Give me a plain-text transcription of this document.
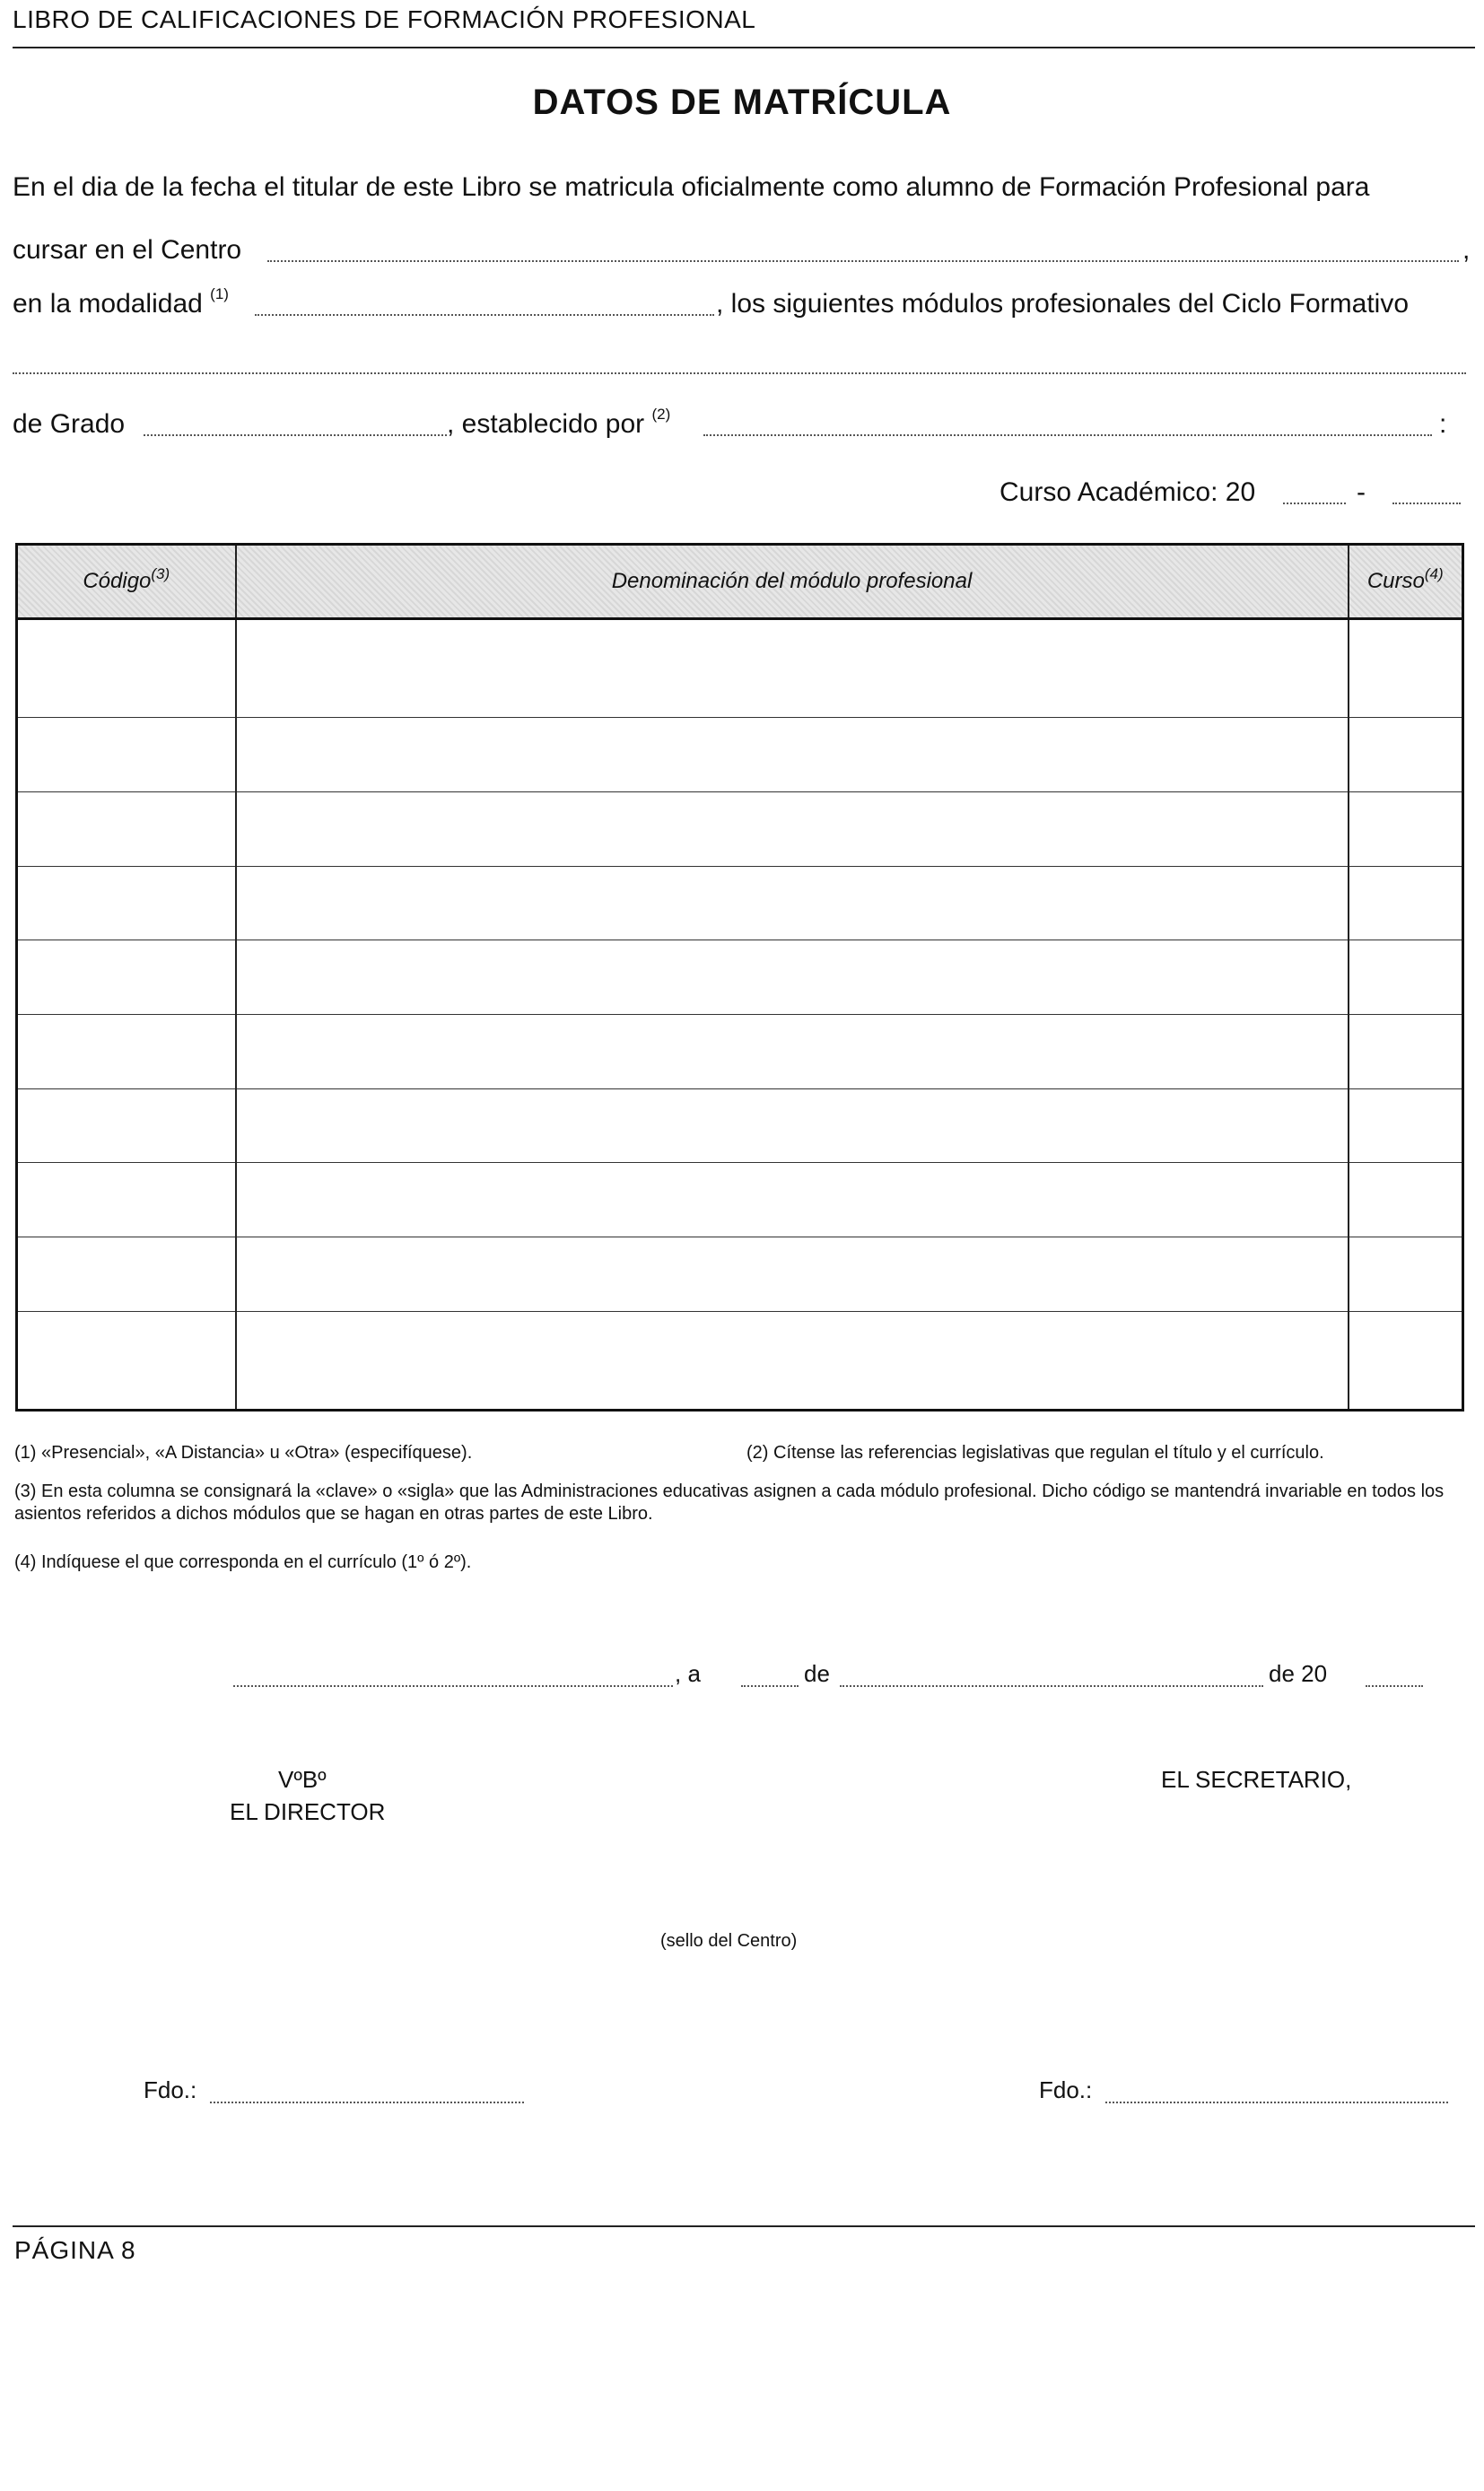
LIBRO DE CALIFICACIONES DE FORMACIÓN PROFESIONAL
DATOS DE MATRÍCULA
En el dia de la fecha el titular de este Libro se matricula oficialmente como alumno de Formación Profesional para
cursar en el Centro	,
en la modalidad $^{(1)}$	, los siguientes módulos profesionales del Ciclo Formativo
de Grado	, establecido por $^{(2)}$	:
Curso Académico: 20	-
Código$^{(3)}$	Denominación del módulo profesional	Curso$^{(4)}$

(1) «Presencial», «A Distancia» u «Otra» (especifíquese).	(2) Cítense las referencias legislativas que regulan el título y el currículo.
(3) En esta columna se consignará la «clave» o «sigla» que las Administraciones educativas asignen a cada módulo profesional. Dicho código se mantendrá invariable en todos los asientos referidos a dichos módulos que se hagan en otras partes de este Libro.
(4) Indíquese el que corresponda en el currículo (1º ó 2º).
, a	de	de 20
VºBº
EL DIRECTOR
EL SECRETARIO,
(sello del Centro)
Fdo.:	Fdo.:
PÁGINA 8
